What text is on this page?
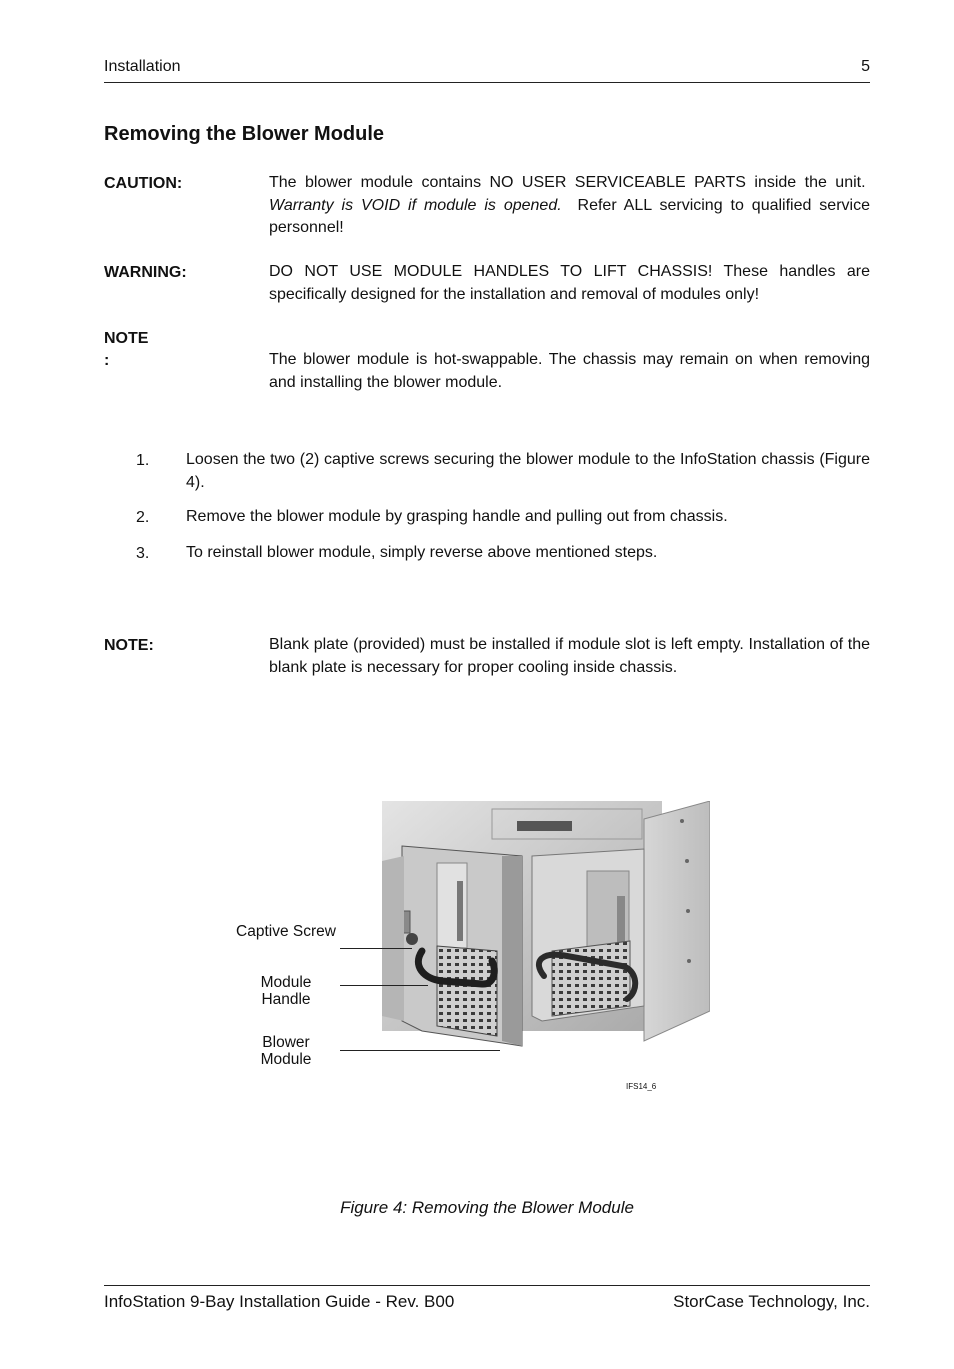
Installation	5
Removing the Blower Module
CAUTION:	The blower module contains NO USER SERVICEABLE PARTS inside the unit.  Warranty is VOID if module is opened. Refer ALL servicing to qualified service personnel!
WARNING:	DO NOT USE MODULE HANDLES TO LIFT CHASSIS! These handles are specifically designed for the installation and removal of modules only!
NOTE
:	The blower module is hot-swappable. The chassis may remain on when removing and installing the blower module.
1. Loosen the two (2) captive screws securing the blower module to the InfoStation chassis (Figure 4).
2. Remove the blower module by grasping handle and pulling out from chassis.
3. To reinstall blower module, simply reverse above mentioned steps.
NOTE:	Blank plate (provided) must be installed if module slot is left empty. Installation of the blank plate is necessary for proper cooling inside chassis.
Captive Screw
Module Handle
Blower Module
IFS14_6
Figure 4: Removing the Blower Module
InfoStation 9-Bay Installation Guide - Rev. B00	StorCase Technology, Inc.
